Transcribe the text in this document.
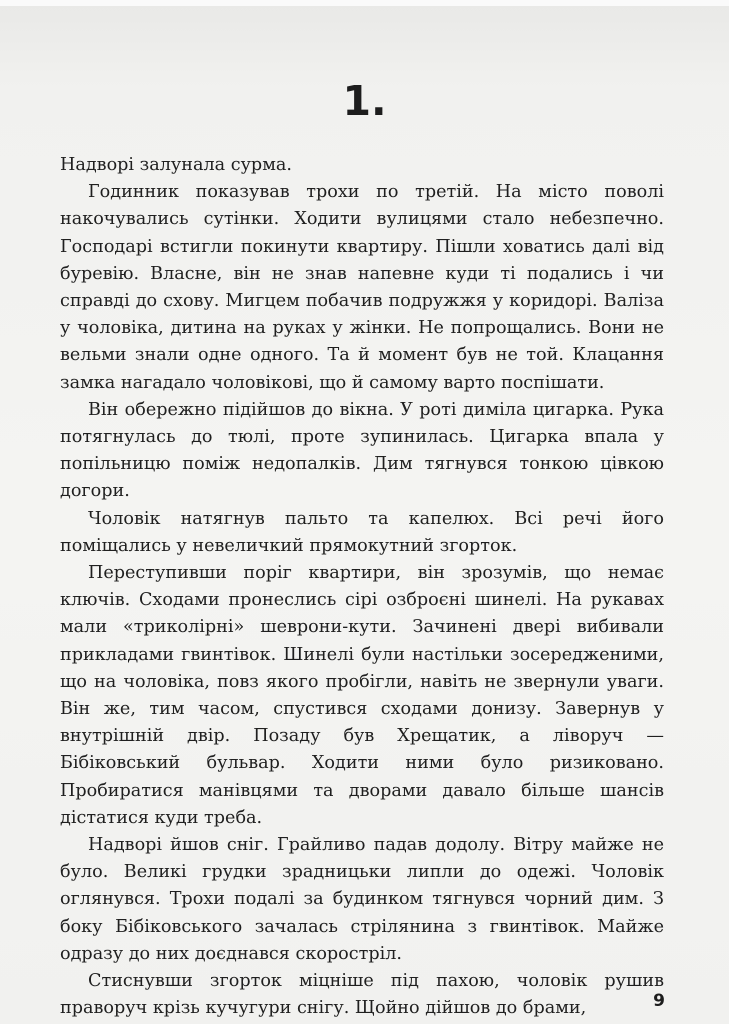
1.

Надворі залунала сурма.

Годинник показував трохи по третій. На місто поволі накочувались сутінки. Ходити вулицями стало небезпечно. Господарі встигли покинути квартиру. Пішли ховатись далі від буревію. Власне, він не знав напевне куди ті подались і чи справді до схову. Мигцем побачив подружжя у коридорі. Валіза у чоловіка, дитина на руках у жінки. Не попрощались. Вони не вельми знали одне одного. Та й момент був не той. Клацання замка нагадало чоловікові, що й самому варто поспішати.

Він обережно підійшов до вікна. У роті диміла цигарка. Рука потягнулась до тюлі, проте зупинилась. Цигарка впала у попільницю поміж недопалків. Дим тягнувся тонкою цівкою догори.

Чоловік натягнув пальто та капелюх. Всі речі його поміщались у невеличкий прямокутний згорток.

Переступивши поріг квартири, він зрозумів, що немає ключів. Сходами пронеслись сірі озброєні шинелі. На рукавах мали «триколірні» шеврони-кути. Зачинені двері вибивали прикладами гвинтівок. Шинелі були настільки зосередженими, що на чоловіка, повз якого пробігли, навіть не звернули уваги. Він же, тим часом, спустився сходами донизу. Завернув у внутрішній двір. Позаду був Хрещатик, а ліворуч — Бібіковський бульвар. Ходити ними було ризиковано. Пробиратися манівцями та дворами давало більше шансів дістатися куди треба.

Надворі йшов сніг. Грайливо падав додолу. Вітру майже не було. Великі грудки зрадницьки липли до одежі. Чоловік оглянувся. Трохи подалі за будинком тягнувся чорний дим. З боку Бібіковського зачалась стрілянина з гвинтівок. Майже одразу до них доєднався скоростріл.

Стиснувши згорток міцніше під пахою, чоловік рушив праворуч крізь кучугури снігу. Щойно дійшов до брами,	9
